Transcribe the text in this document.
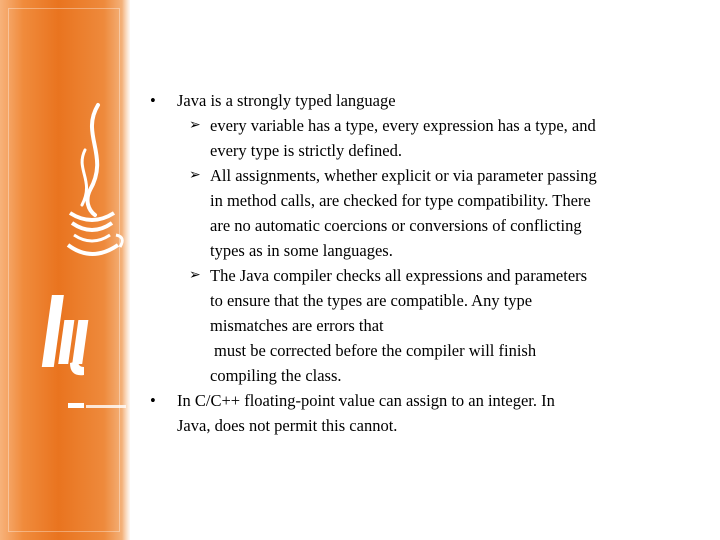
• Java is a strongly typed language
➢ every variable has a type, every expression has a type, and
every type is strictly defined.
➢ All assignments, whether explicit or via parameter passing
in method calls, are checked for type compatibility. There
are no automatic coercions or conversions of conflicting
types as in some languages.
➢ The Java compiler checks all expressions and parameters
to ensure that the types are compatible. Any type
mismatches are errors that
must be corrected before the compiler will finish
compiling the class.
• In C/C++ floating-point value can assign to an integer. In
Java, does not permit this cannot.
